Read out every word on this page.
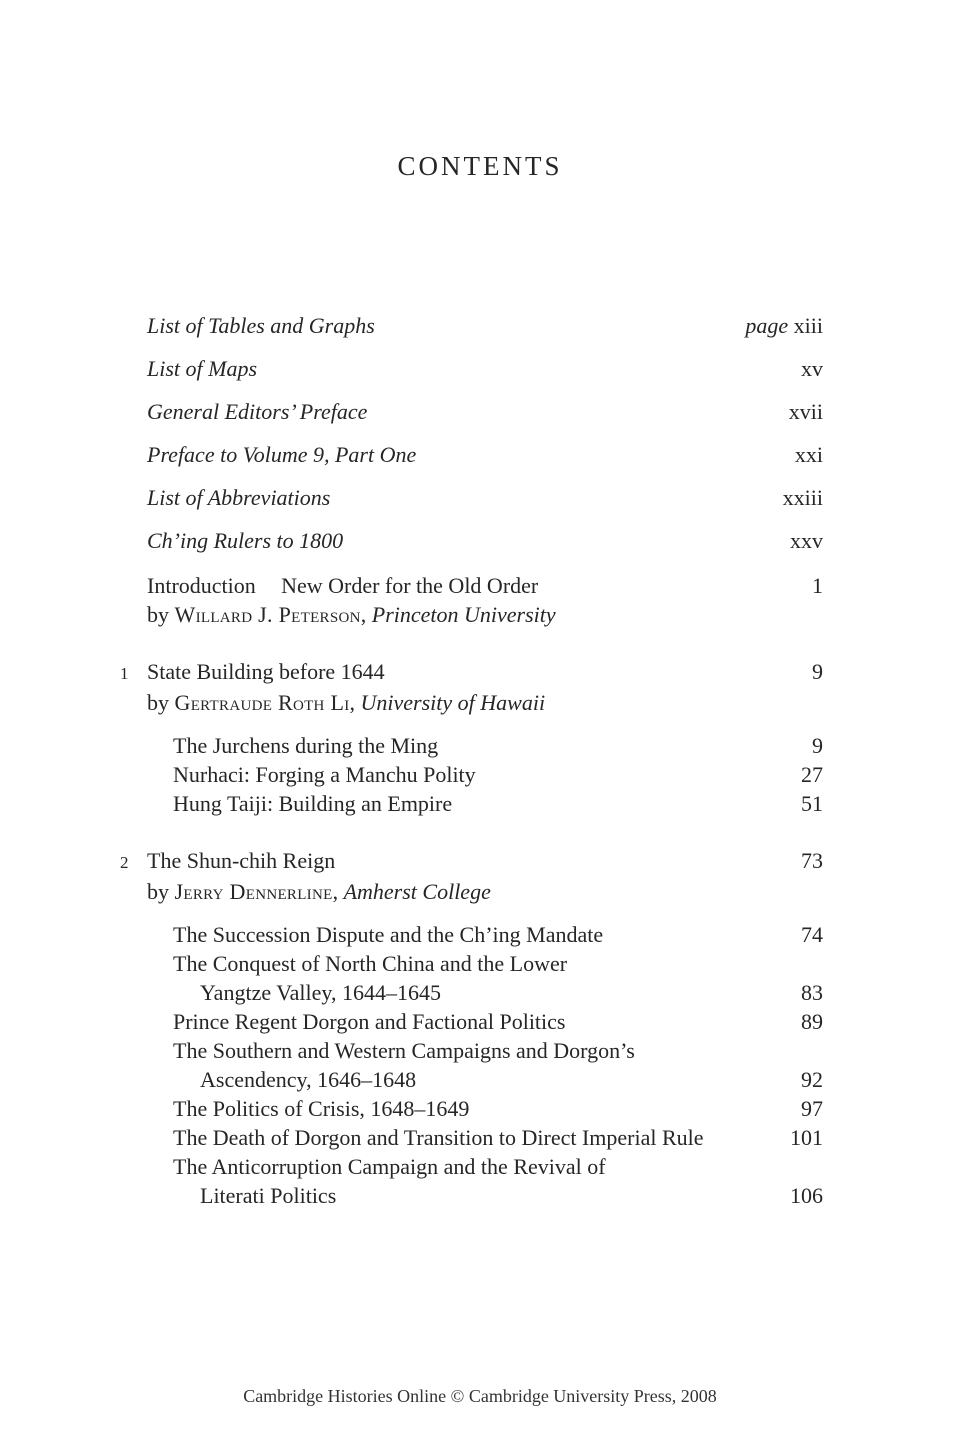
CONTENTS
List of Tables and Graphs	page xiii
List of Maps	xv
General Editors’ Preface	xvii
Preface to Volume 9, Part One	xxi
List of Abbreviations	xxiii
Ch’ing Rulers to 1800	xxv
Introduction New Order for the Old Order	1
by Willard J. Peterson, Princeton University
1 State Building before 1644	9
by Gertraude Roth Li, University of Hawaii
The Jurchens during the Ming	9
Nurhaci: Forging a Manchu Polity	27
Hung Taiji: Building an Empire	51
2 The Shun-chih Reign	73
by Jerry Dennerline, Amherst College
The Succession Dispute and the Ch’ing Mandate	74
The Conquest of North China and the Lower
Yangtze Valley, 1644–1645	83
Prince Regent Dorgon and Factional Politics	89
The Southern and Western Campaigns and Dorgon’s
Ascendency, 1646–1648	92
The Politics of Crisis, 1648–1649	97
The Death of Dorgon and Transition to Direct Imperial Rule	101
The Anticorruption Campaign and the Revival of
Literati Politics	106
Cambridge Histories Online © Cambridge University Press, 2008
